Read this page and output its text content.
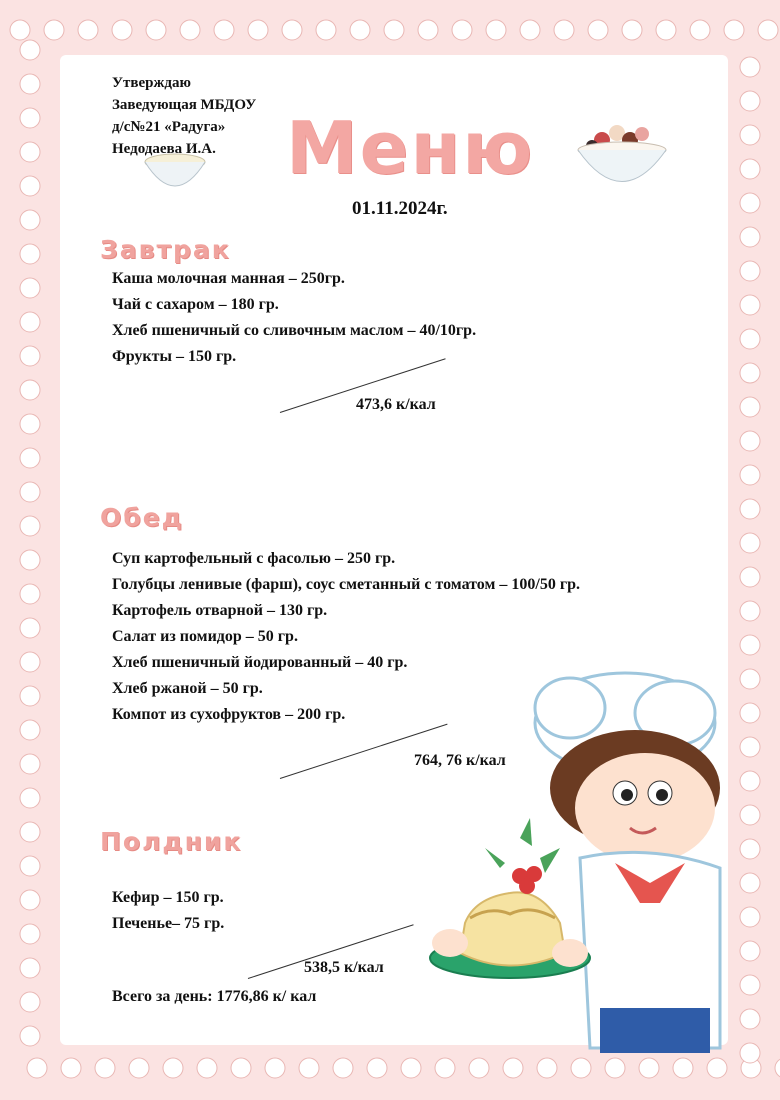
Утверждаю
Заведующая МБДОУ
д/с№21 «Радуга»
Недодаева И.А. Меню
01.11.2024г.
Завтрак
Каша молочная манная – 250гр.
Чай с сахаром – 180 гр.
Хлеб пшеничный со сливочным маслом – 40/10гр.
Фрукты – 150 гр.
473,6 к/кал
Обед
Суп картофельный с фасолью – 250 гр.
Голубцы ленивые (фарш), соус сметанный с томатом – 100/50 гр.
Картофель отварной – 130 гр.
Салат из помидор – 50 гр.
Хлеб пшеничный йодированный – 40 гр.
Хлеб ржаной – 50 гр.
Компот из сухофруктов – 200 гр.
764, 76 к/кал
Полдник
Кефир – 150 гр.
Печенье– 75 гр.
538,5 к/кал
Всего за день: 1776,86 к/ кал
